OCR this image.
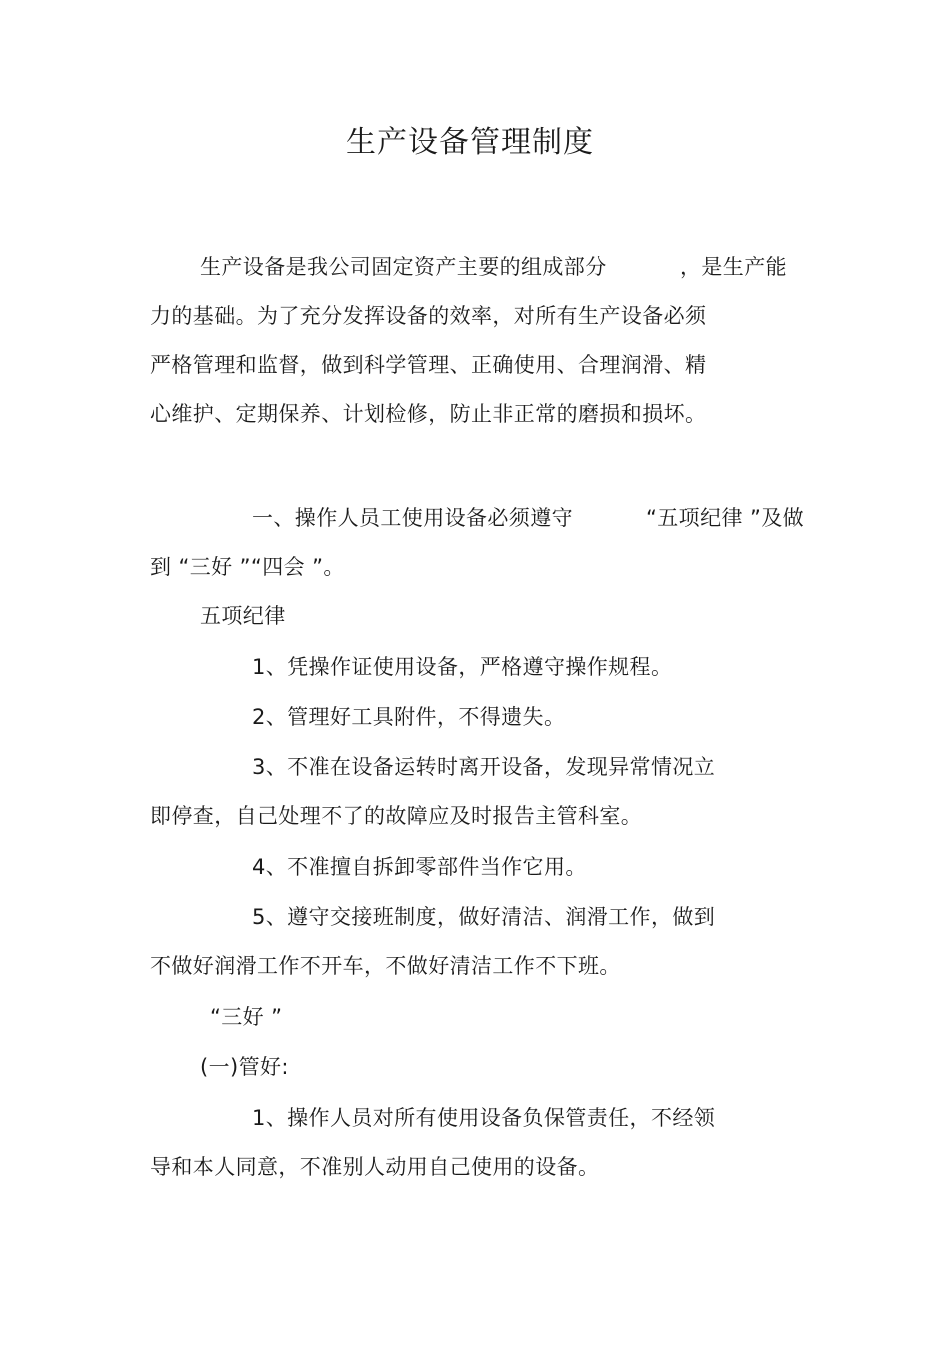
生产设备管理制度
生产设备是我公司固定资产主要的组成部分	，是生产能
力的基础。为了充分发挥设备的效率，对所有生产设备必须
严格管理和监督，做到科学管理、正确使用、合理润滑、精
心维护、定期保养、计划检修，防止非正常的磨损和损坏。
一、操作人员工使用设备必须遵守	“五项纪律 ”及做
到 “三好 ”“四会 ”。
五项纪律
1、凭操作证使用设备，严格遵守操作规程。
2、管理好工具附件，不得遗失。
3、不准在设备运转时离开设备，发现异常情况立
即停查，自己处理不了的故障应及时报告主管科室。
4、不准擅自拆卸零部件当作它用。
5、遵守交接班制度，做好清洁、润滑工作，做到
不做好润滑工作不开车，不做好清洁工作不下班。
“三好 ”
(一)管好:
1、操作人员对所有使用设备负保管责任，不经领
导和本人同意，不准别人动用自己使用的设备。
